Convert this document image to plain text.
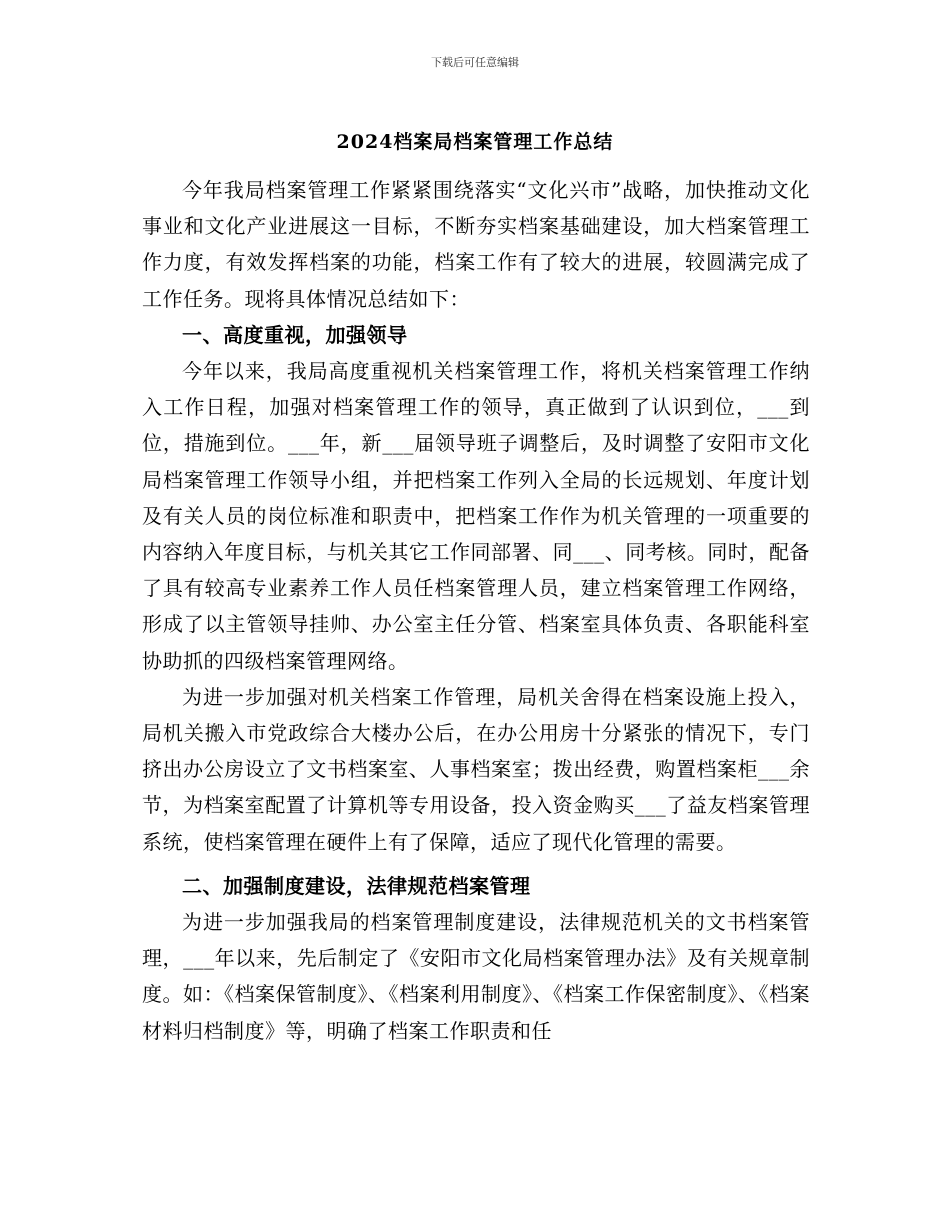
下载后可任意编辑
2024档案局档案管理工作总结

今年我局档案管理工作紧紧围绕落实“文化兴市”战略，加快推动文化事业和文化产业进展这一目标，不断夯实档案基础建设，加大档案管理工作力度，有效发挥档案的功能，档案工作有了较大的进展，较圆满完成了工作任务。现将具体情况总结如下：

一、高度重视，加强领导

今年以来，我局高度重视机关档案管理工作，将机关档案管理工作纳入工作日程，加强对档案管理工作的领导，真正做到了认识到位，___到位，措施到位。___年，新___届领导班子调整后，及时调整了安阳市文化局档案管理工作领导小组，并把档案工作列入全局的长远规划、年度计划及有关人员的岗位标准和职责中，把档案工作作为机关管理的一项重要的内容纳入年度目标，与机关其它工作同部署、同___、同考核。同时，配备了具有较高专业素养工作人员任档案管理人员，建立档案管理工作网络，形成了以主管领导挂帅、办公室主任分管、档案室具体负责、各职能科室协助抓的四级档案管理网络。

为进一步加强对机关档案工作管理，局机关舍得在档案设施上投入，局机关搬入市党政综合大楼办公后，在办公用房十分紧张的情况下，专门挤出办公房设立了文书档案室、人事档案室；拨出经费，购置档案柜___余节，为档案室配置了计算机等专用设备，投入资金购买___了益友档案管理系统，使档案管理在硬件上有了保障，适应了现代化管理的需要。

二、加强制度建设，法律规范档案管理

为进一步加强我局的档案管理制度建设，法律规范机关的文书档案管理，___年以来，先后制定了《安阳市文化局档案管理办法》及有关规章制度。如：《档案保管制度》、《档案利用制度》、《档案工作保密制度》、《档案材料归档制度》等，明确了档案工作职责和任
